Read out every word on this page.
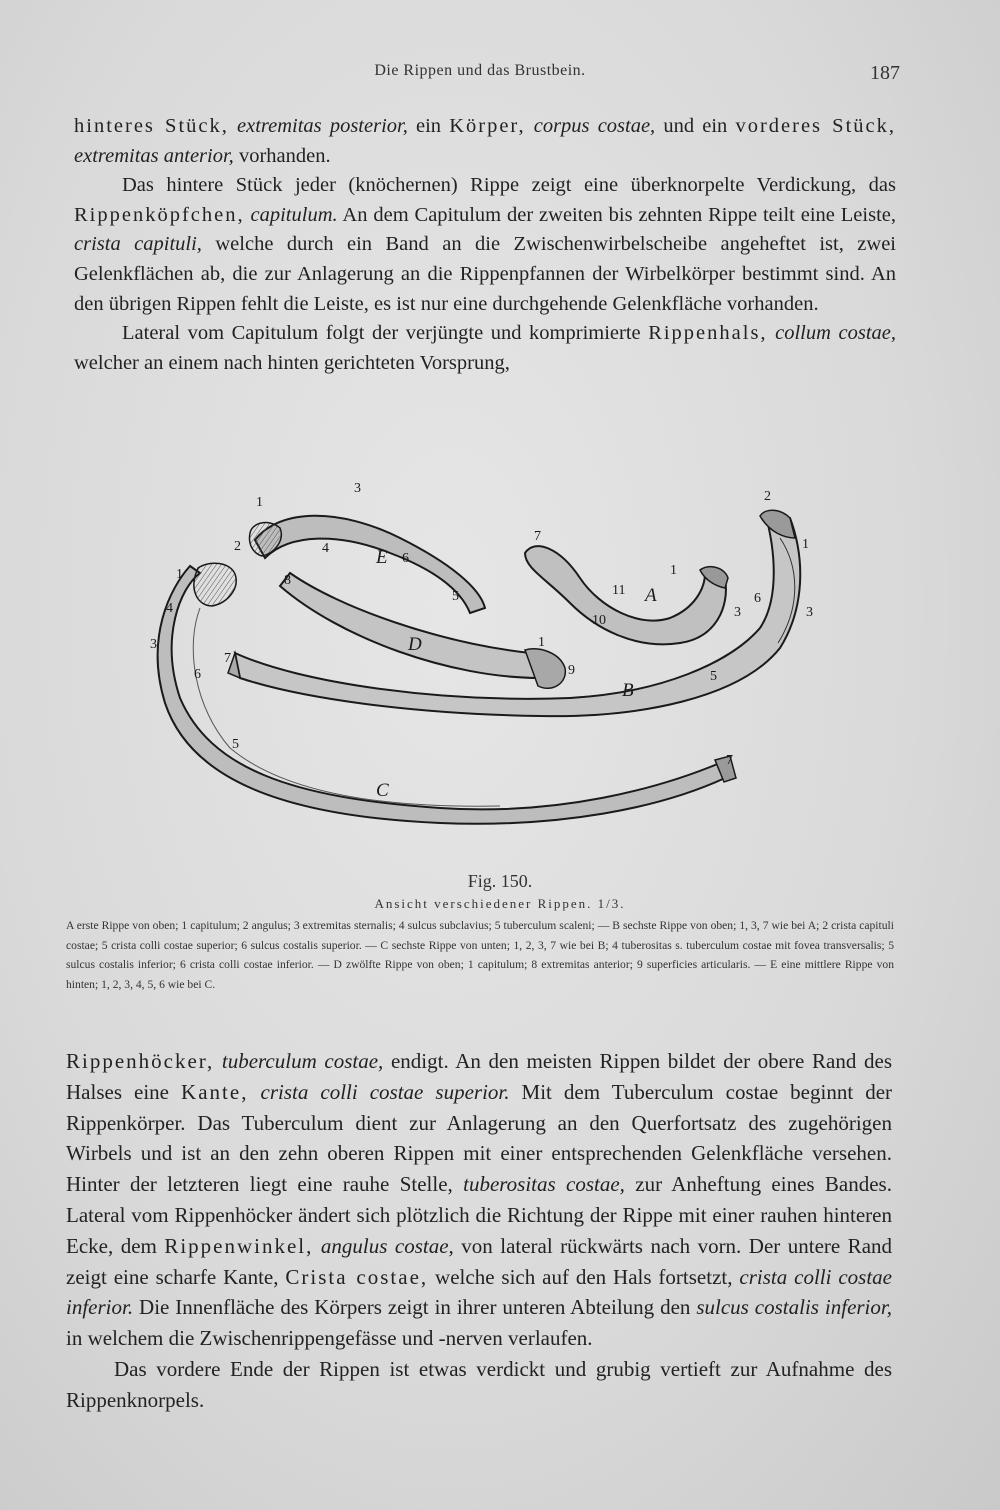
Die Rippen und das Brustbein.	187

hinteres Stück, extremitas posterior, ein Körper, corpus costae, und ein vorderes Stück, extremitas anterior, vorhanden.

Das hintere Stück jeder (knöchernen) Rippe zeigt eine überknorpelte Verdickung, das Rippenköpfchen, capitulum. An dem Capitulum der zweiten bis zehnten Rippe teilt eine Leiste, crista capituli, welche durch ein Band an die Zwischenwirbelscheibe angeheftet ist, zwei Gelenkflächen ab, die zur Anlagerung an die Rippenpfannen der Wirbelkörper bestimmt sind. An den übrigen Rippen fehlt die Leiste, es ist nur eine durchgehende Gelenkfläche vorhanden.

Lateral vom Capitulum folgt der verjüngte und komprimierte Rippenhals, collum costae, welcher an einem nach hinten gerichteten Vorsprung,

E
D
A
B
C
1
3
2	4
6
5
8
1
9
7
1
11
10
3
2
1
6
3
5
7
1
4
3
6
5
7
Fig. 150.
Ansicht verschiedener Rippen. 1/3.
A erste Rippe von oben; 1 capitulum; 2 angulus; 3 extremitas sternalis; 4 sulcus subclavius; 5 tuberculum scaleni; — B sechste Rippe von oben; 1, 3, 7 wie bei A; 2 crista capituli costae; 5 crista colli costae superior; 6 sulcus costalis superior. — C sechste Rippe von unten; 1, 2, 3, 7 wie bei B; 4 tuberositas s. tuberculum costae mit fovea transversalis; 5 sulcus costalis inferior; 6 crista colli costae inferior. — D zwölfte Rippe von oben; 1 capitulum; 8 extremitas anterior; 9 superficies articularis. — E eine mittlere Rippe von hinten; 1, 2, 3, 4, 5, 6 wie bei C.

Rippenhöcker, tuberculum costae, endigt. An den meisten Rippen bildet der obere Rand des Halses eine Kante, crista colli costae superior. Mit dem Tuberculum costae beginnt der Rippenkörper. Das Tuberculum dient zur Anlagerung an den Querfortsatz des zugehörigen Wirbels und ist an den zehn oberen Rippen mit einer entsprechenden Gelenkfläche versehen. Hinter der letzteren liegt eine rauhe Stelle, tuberositas costae, zur Anheftung eines Bandes. Lateral vom Rippenhöcker ändert sich plötzlich die Richtung der Rippe mit einer rauhen hinteren Ecke, dem Rippenwinkel, angulus costae, von lateral rückwärts nach vorn. Der untere Rand zeigt eine scharfe Kante, Crista costae, welche sich auf den Hals fortsetzt, crista colli costae inferior. Die Innenfläche des Körpers zeigt in ihrer unteren Abteilung den sulcus costalis inferior, in welchem die Zwischenrippengefässe und -nerven verlaufen.

Das vordere Ende der Rippen ist etwas verdickt und grubig vertieft zur Aufnahme des Rippenknorpels.
